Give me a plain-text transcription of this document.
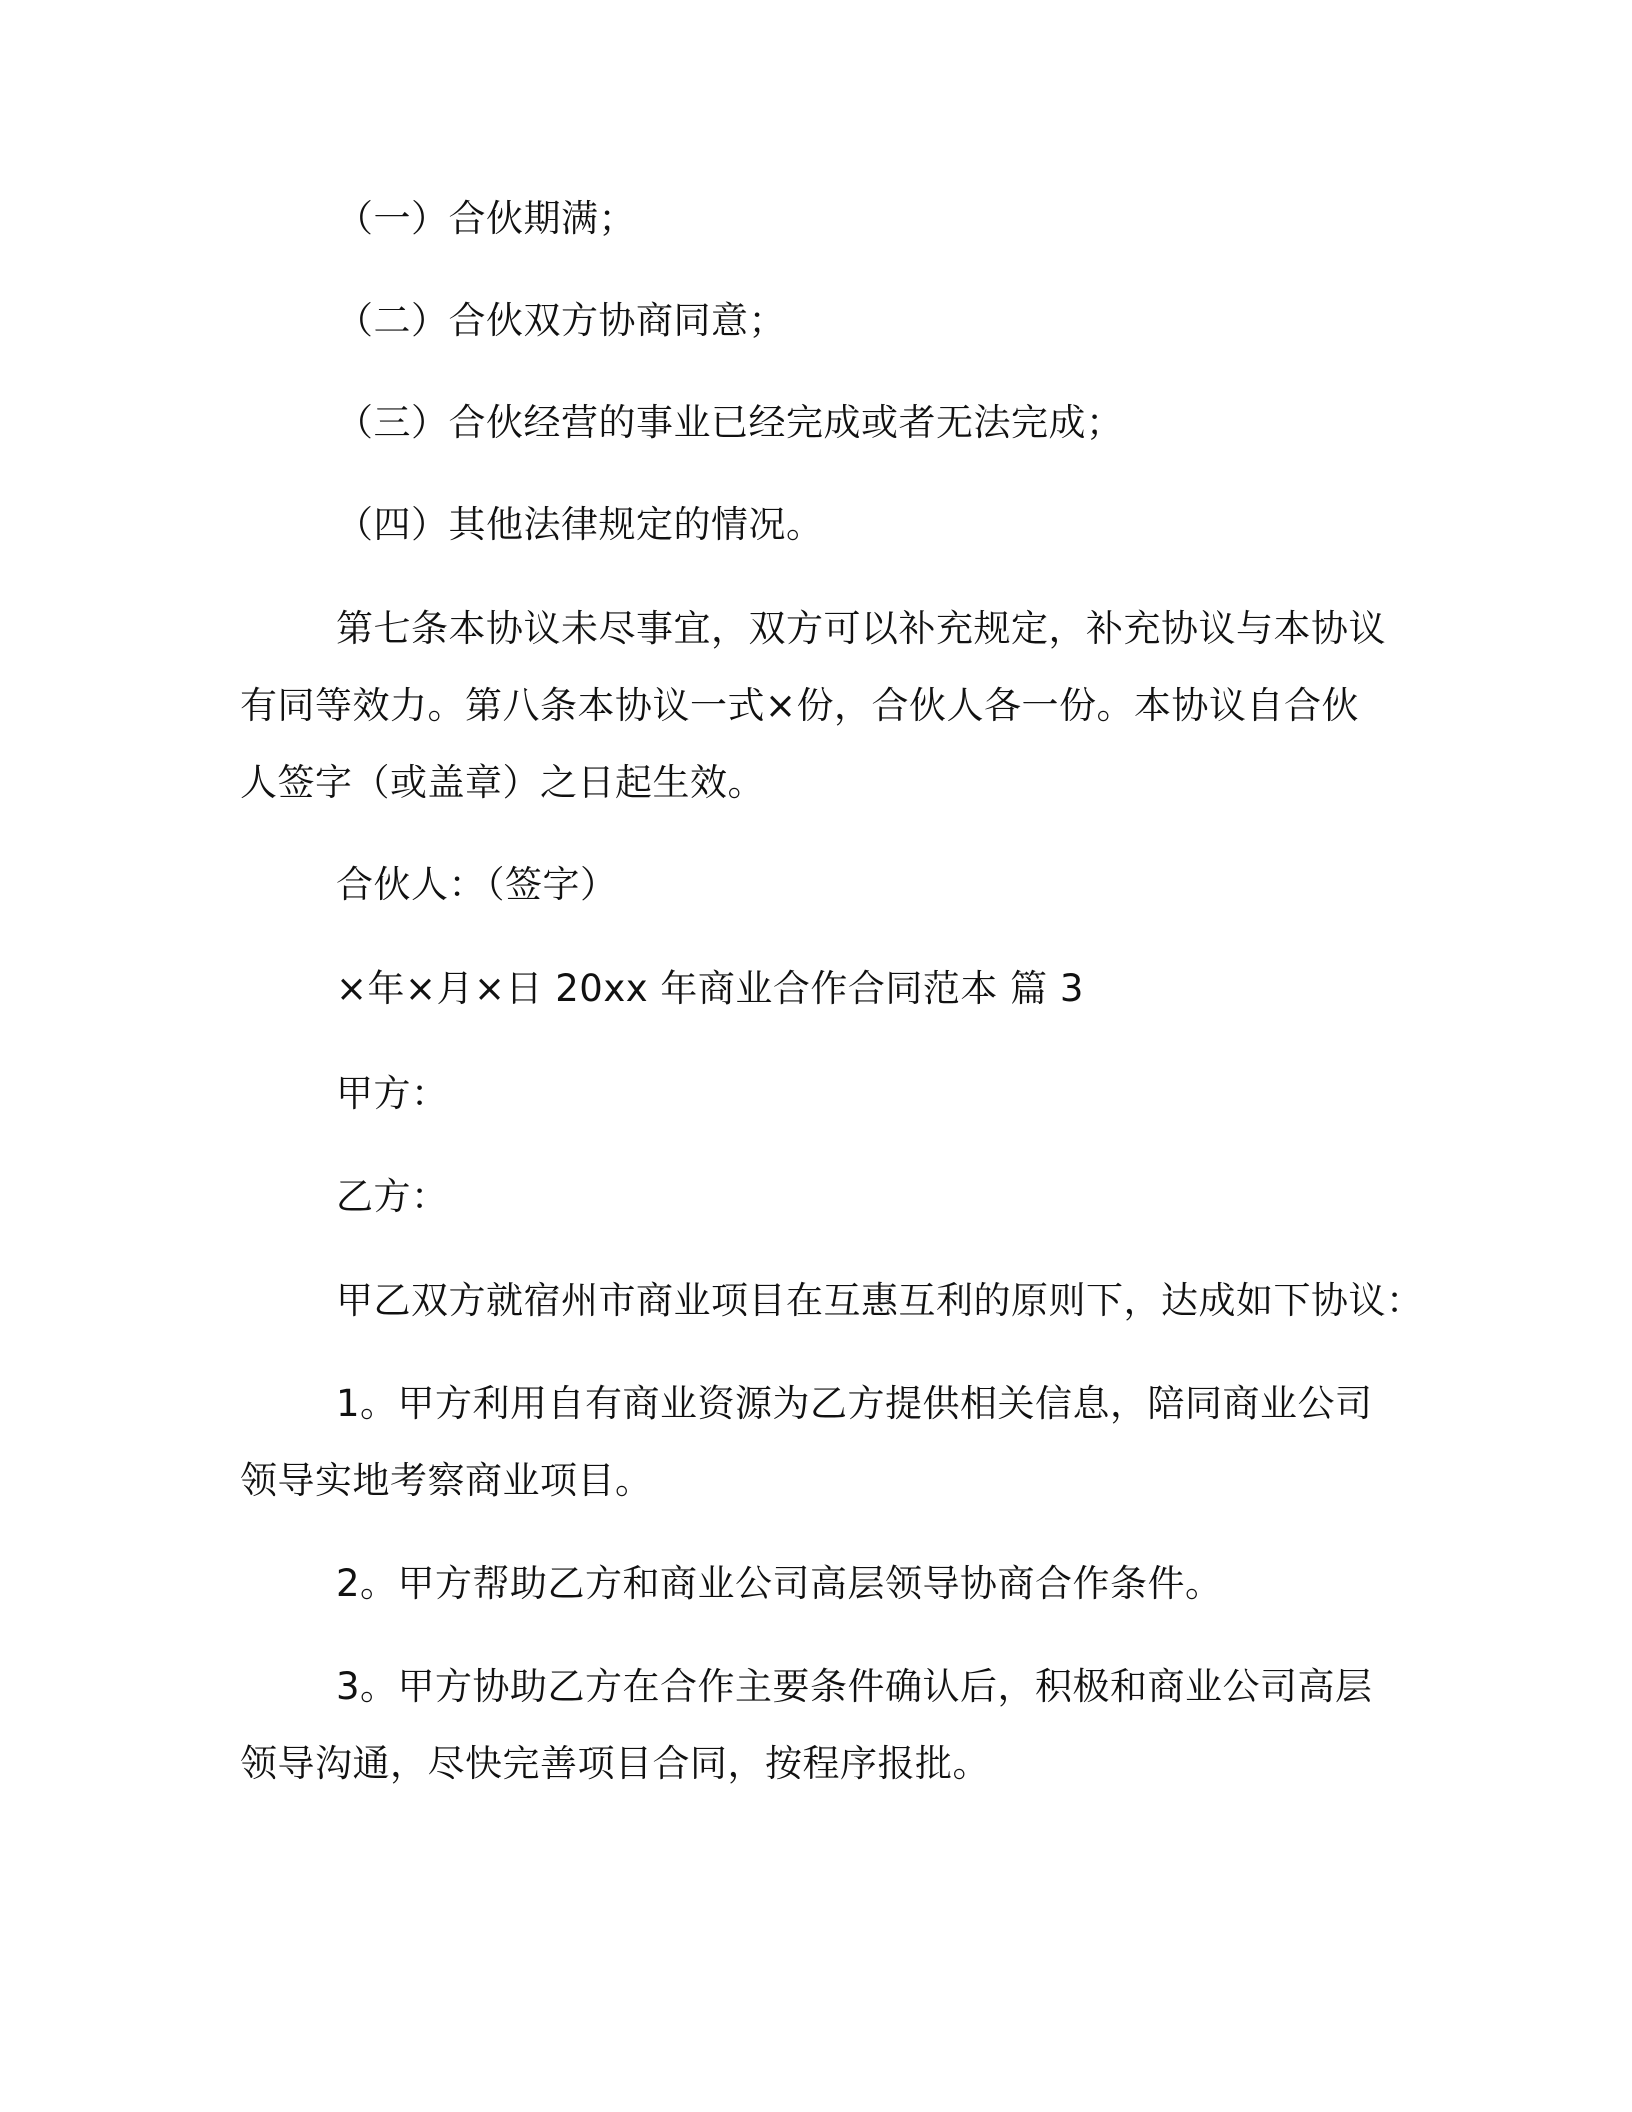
（一）合伙期满；
（二）合伙双方协商同意；
（三）合伙经营的事业已经完成或者无法完成；
（四）其他法律规定的情况。
第七条本协议未尽事宜，双方可以补充规定，补充协议与本协议
有同等效力。第八条本协议一式×份，合伙人各一份。本协议自合伙
人签字（或盖章）之日起生效。
合伙人：（签字）
×年×月×日 20xx 年商业合作合同范本 篇 3
甲方：
乙方：
甲乙双方就宿州市商业项目在互惠互利的原则下，达成如下协议：
1。甲方利用自有商业资源为乙方提供相关信息，陪同商业公司
领导实地考察商业项目。
2。甲方帮助乙方和商业公司高层领导协商合作条件。
3。甲方协助乙方在合作主要条件确认后，积极和商业公司高层
领导沟通，尽快完善项目合同，按程序报批。
